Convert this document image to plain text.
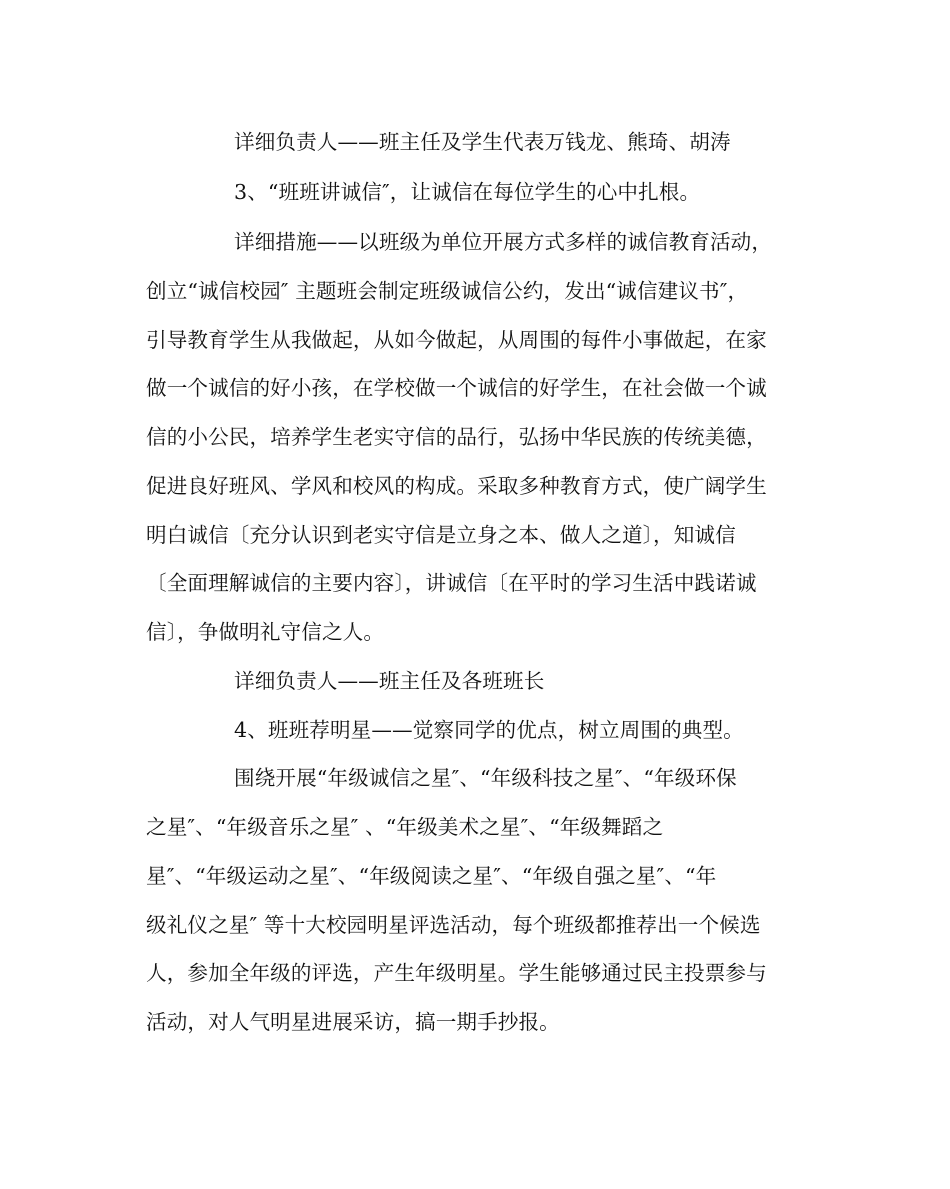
详细负责人——班主任及学生代表万钱龙、熊琦、胡涛
3、“班班讲诚信″，让诚信在每位学生的心中扎根。
详细措施——以班级为单位开展方式多样的诚信教育活动，
创立“诚信校园″ 主题班会制定班级诚信公约，发出“诚信建议书″，
引导教育学生从我做起，从如今做起，从周围的每件小事做起，在家
做一个诚信的好小孩，在学校做一个诚信的好学生，在社会做一个诚
信的小公民，培养学生老实守信的品行，弘扬中华民族的传统美德，
促进良好班风、学风和校风的构成。采取多种教育方式，使广阔学生
明白诚信〔充分认识到老实守信是立身之本、做人之道〕，知诚信
〔全面理解诚信的主要内容〕，讲诚信〔在平时的学习生活中践诺诚
信〕，争做明礼守信之人。
详细负责人——班主任及各班班长
4、班班荐明星——觉察同学的优点，树立周围的典型。
围绕开展“年级诚信之星″、“年级科技之星″、“年级环保
之星″、“年级音乐之星″ 、“年级美术之星″、“年级舞蹈之
星″、“年级运动之星″、“年级阅读之星″、“年级自强之星″、“年
级礼仪之星″ 等十大校园明星评选活动，每个班级都推荐出一个候选
人，参加全年级的评选，产生年级明星。学生能够通过民主投票参与
活动，对人气明星进展采访，搞一期手抄报。
